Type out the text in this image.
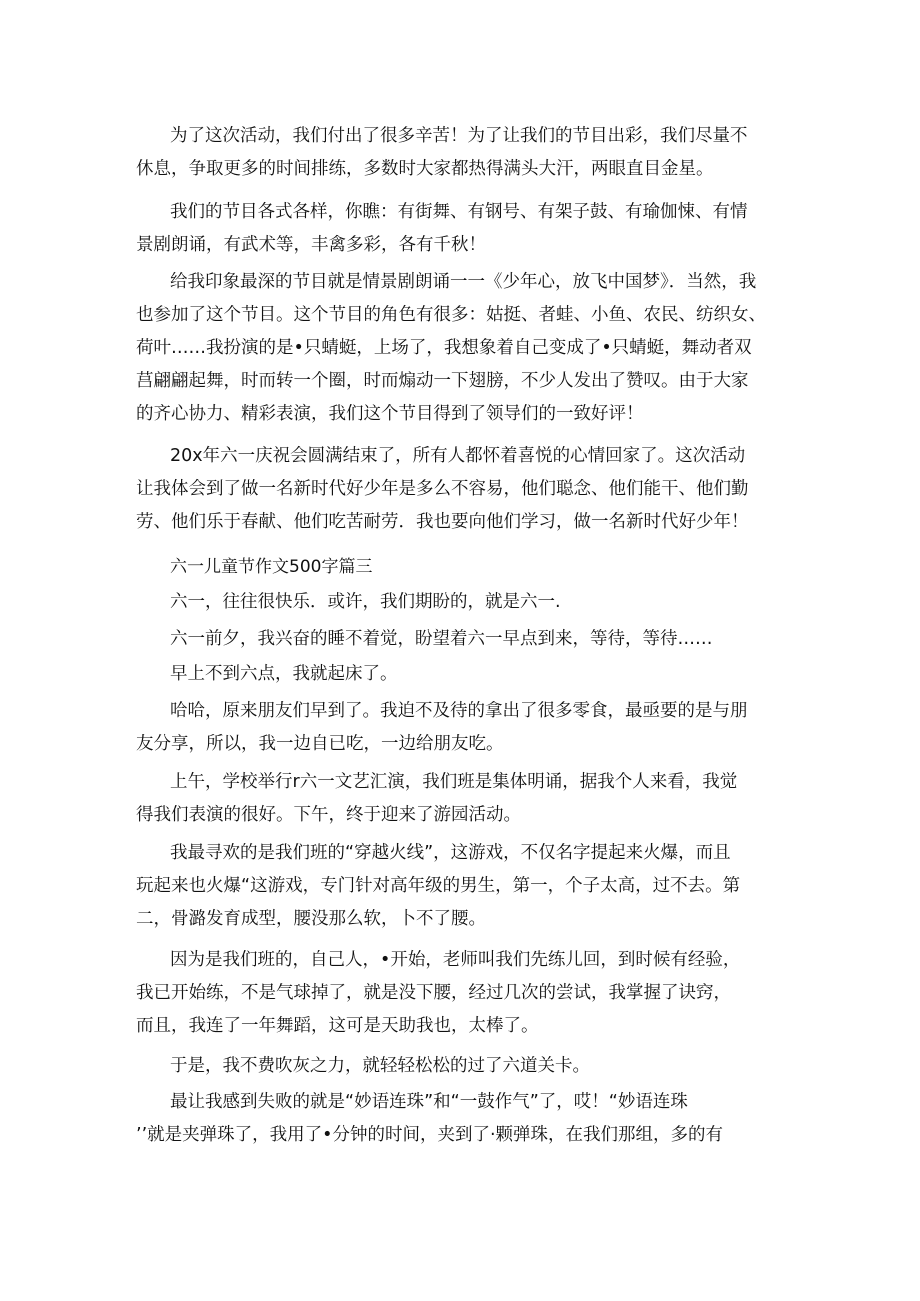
为了这次活动，我们付出了很多辛苦！为了让我们的节目出彩，我们尽量不
休息，争取更多的时间排练，多数时大家都热得满头大汗，两眼直目金星。
我们的节目各式各样，你瞧：有街舞、有钢号、有架子鼓、有瑜伽悚、有情
景剧朗诵，有武术等，丰禽多彩，各有千秋！
给我印象最深的节目就是情景剧朗诵一一《少年心，放飞中国梦》．当然，我
也参加了这个节目。这个节目的角色有很多：姑挺、者蛙、小鱼、农民、纺织女、
荷叶……我扮演的是•只蜻蜓，上场了，我想象着自己变成了•只蜻蜓，舞动者双
莒翩翩起舞，时而转一个圈，时而煽动一下翅膀，不少人发出了赞叹。由于大家
的齐心协力、精彩表演，我们这个节目得到了领导们的一致好评！
20x年六一庆祝会圆满结束了，所有人都怀着喜悦的心情回家了。这次活动
让我体会到了做一名新时代好少年是多么不容易，他们聪念、他们能干、他们勤
劳、他们乐于春献、他们吃苦耐劳．我也要向他们学习，做一名新时代好少年！
六一儿童节作文500字篇三
六一，往往很快乐．或许，我们期盼的，就是六一.
六一前夕，我兴奋的睡不着觉，盼望着六一早点到来，等待，等待……
早上不到六点，我就起床了。
哈哈，原来朋友们早到了。我迫不及待的拿出了很多零食，最亟要的是与朋
友分享，所以，我一边自已吃，一边给朋友吃。
上午，学校举行r六一文艺汇演，我们班是集体明诵，据我个人来看，我觉
得我们表演的很好。下午，终于迎来了游园活动。
我最寻欢的是我们班的“穿越火线”，这游戏，不仅名字提起来火爆，而且
玩起来也火爆“这游戏，专门针对高年级的男生，第一，个子太高，过不去。第
二，骨潞发育成型，腰没那么软，卜不了腰。
因为是我们班的，自己人，•开始，老师叫我们先练儿回，到时候有经验，
我已开始练，不是气球掉了，就是没下腰，经过几次的尝试，我掌握了诀窍，
而且，我连了一年舞蹈，这可是天助我也，太棒了。
于是，我不费吹灰之力，就轻轻松松的过了六道关卡。
最让我感到失败的就是“妙语连珠”和“一鼓作气”了，哎！“妙语连珠
’’就是夹弹珠了，我用了•分钟的时间，夹到了·颗弹珠，在我们那组，多的有
